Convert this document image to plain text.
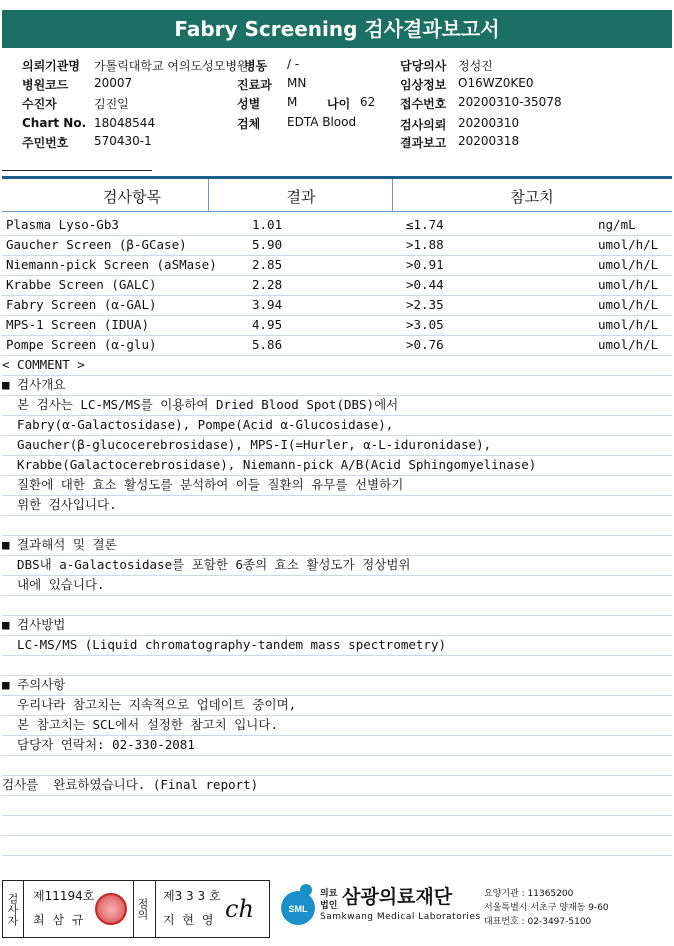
Fabry Screening 검사결과보고서
의뢰기관명 가톨릭대학교 여의도성모병원
병동 / -	담당의사 정성진
병원코드 20007	진료과 MN	임상정보 O16WZ0KE0
수진자	김진일	성별 M 나이 62 접수번호 20200310-35078
Chart No. 18048544	검체 EDTA Blood	검사의뢰 20200310
주민번호 570430-1	결과보고 20200318
검사항목	결과	참고치
Plasma Lyso-Gb3	1.01	≤1.74	ng/mL
Gaucher Screen (β-GCase)	5.90	>1.88	umol/h/L
Niemann-pick Screen (aSMase)	2.85	>0.91	umol/h/L
Krabbe Screen (GALC)	2.28	>0.44	umol/h/L
Fabry Screen (α-GAL)	3.94	>2.35	umol/h/L
MPS-1 Screen (IDUA)	4.95	>3.05	umol/h/L
Pompe Screen (α-glu)	5.86	>0.76	umol/h/L
< COMMENT >
■ 검사개요
본 검사는 LC-MS/MS를 이용하여 Dried Blood Spot(DBS)에서
Fabry(α-Galactosidase), Pompe(Acid α-Glucosidase),
Gaucher(β-glucocerebrosidase), MPS-I(=Hurler, α-L-iduronidase),
Krabbe(Galactocerebrosidase), Niemann-pick A/B(Acid Sphingomyelinase)
질환에 대한 효소 활성도를 분석하여 이들 질환의 유무를 선별하기
위한 검사입니다.
■ 결과해석 및 결론
DBS내 a-Galactosidase를 포함한 6종의 효소 활성도가 정상범위
내에 있습니다.
■ 검사방법
LC-MS/MS (Liquid chromatography-tandem mass spectrometry)
■ 주의사항
우리나라 참고치는 지속적으로 업데이트 중이며,
본 참고치는 SCL에서 설정한 참고치 입니다.
담당자 연락처: 02-330-2081
검사를  완료하였습니다. (Final report)
검사자 제11194호
최 삼 규	점의
제3 3 3 호
지 현 영 ch	SML
의료
법인 삼광의료재단
Samkwang Medical Laboratories
요양기관 : 11365200
서울특별시 서초구 양재동 9-60
대표번호 : 02-3497-5100
